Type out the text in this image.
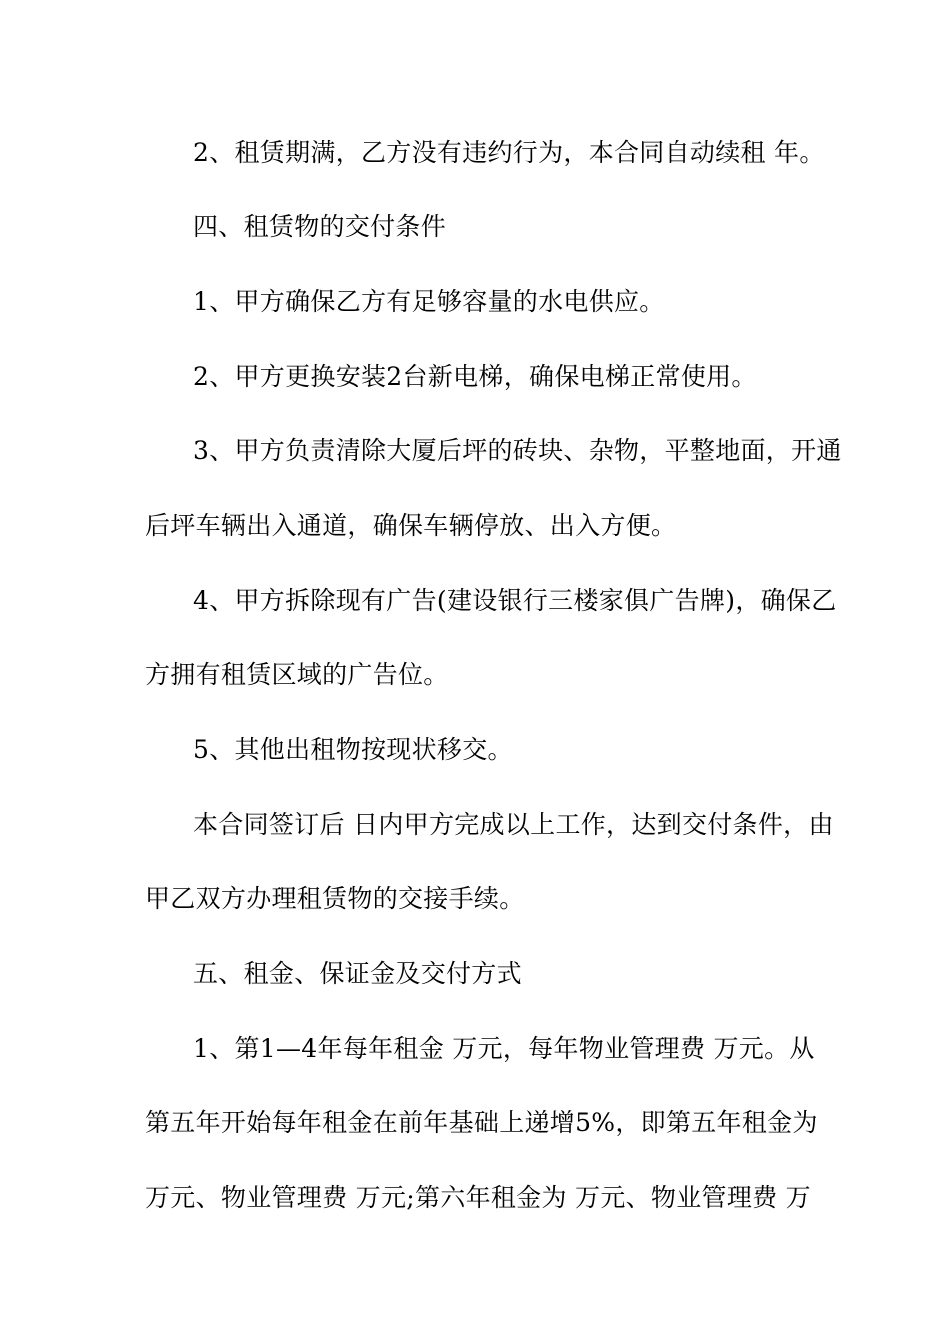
2、租赁期满，乙方没有违约行为，本合同自动续租 年。

四、租赁物的交付条件

1、甲方确保乙方有足够容量的水电供应。

2、甲方更换安装2台新电梯，确保电梯正常使用。

3、甲方负责清除大厦后坪的砖块、杂物，平整地面，开通

后坪车辆出入通道，确保车辆停放、出入方便。

4、甲方拆除现有广告(建设银行三楼家俱广告牌)，确保乙

方拥有租赁区域的广告位。

5、其他出租物按现状移交。

本合同签订后 日内甲方完成以上工作，达到交付条件，由

甲乙双方办理租赁物的交接手续。

五、租金、保证金及交付方式

1、第1—4年每年租金 万元，每年物业管理费 万元。从

第五年开始每年租金在前年基础上递增5%，即第五年租金为

万元、物业管理费 万元;第六年租金为 万元、物业管理费 万
